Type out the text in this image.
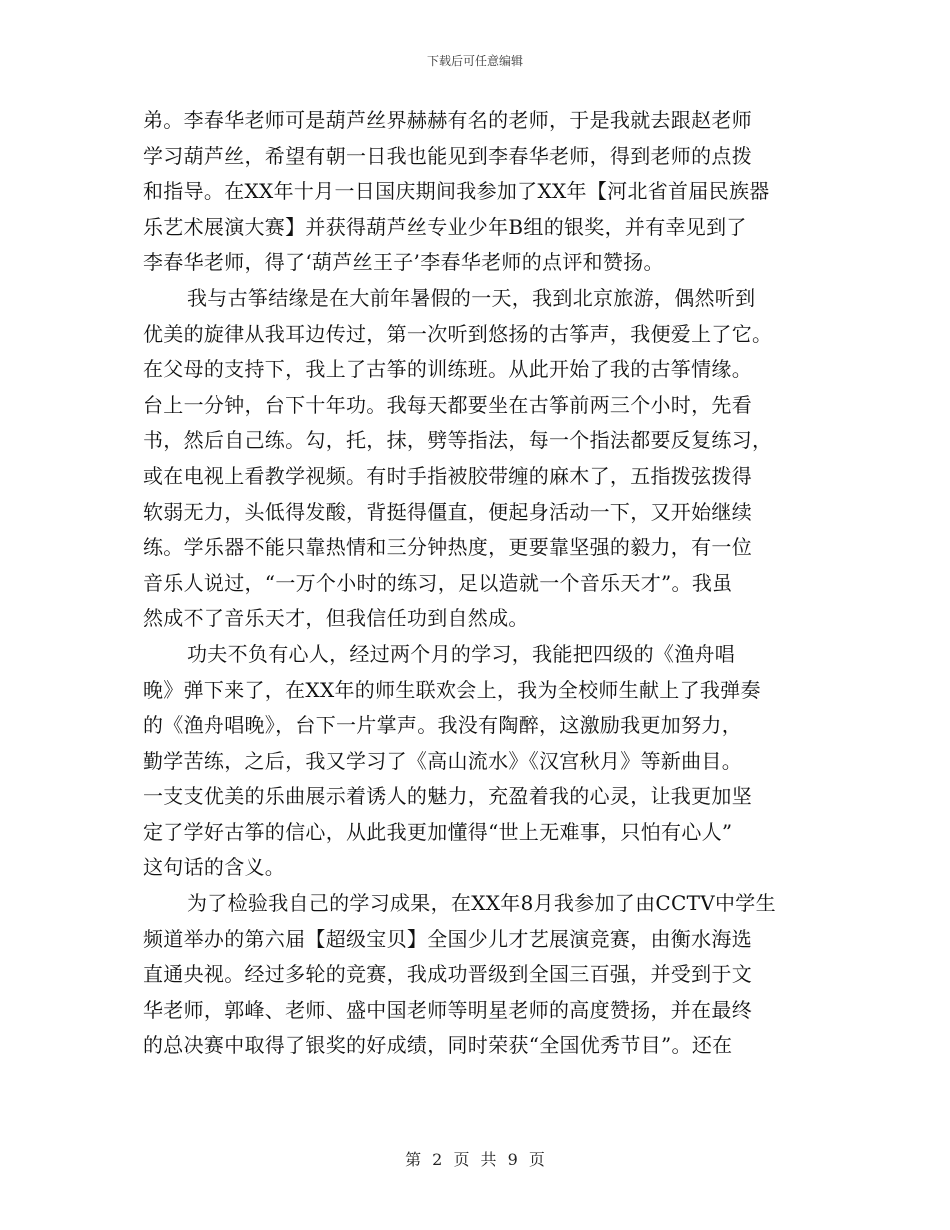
下载后可任意编辑
弟。李春华老师可是葫芦丝界赫赫有名的老师，于是我就去跟赵老师
学习葫芦丝，希望有朝一日我也能见到李春华老师，得到老师的点拨
和指导。在XX年十月一日国庆期间我参加了XX年【河北省首届民族器
乐艺术展演大赛】并获得葫芦丝专业少年B组的银奖，并有幸见到了
李春华老师，得了‘葫芦丝王子’李春华老师的点评和赞扬。
我与古筝结缘是在大前年暑假的一天，我到北京旅游，偶然听到
优美的旋律从我耳边传过，第一次听到悠扬的古筝声，我便爱上了它。
在父母的支持下，我上了古筝的训练班。从此开始了我的古筝情缘。
台上一分钟，台下十年功。我每天都要坐在古筝前两三个小时，先看
书，然后自己练。勾，托，抹，劈等指法，每一个指法都要反复练习，
或在电视上看教学视频。有时手指被胶带缠的麻木了，五指拨弦拨得
软弱无力，头低得发酸，背挺得僵直，便起身活动一下，又开始继续
练。学乐器不能只靠热情和三分钟热度，更要靠坚强的毅力，有一位
音乐人说过，“一万个小时的练习，足以造就一个音乐天才”。我虽
然成不了音乐天才，但我信任功到自然成。
功夫不负有心人，经过两个月的学习，我能把四级的《渔舟唱
晚》弹下来了，在XX年的师生联欢会上，我为全校师生献上了我弹奏
的《渔舟唱晚》，台下一片掌声。我没有陶醉，这激励我更加努力，
勤学苦练，之后，我又学习了《高山流水》《汉宫秋月》等新曲目。
一支支优美的乐曲展示着诱人的魅力，充盈着我的心灵，让我更加坚
定了学好古筝的信心，从此我更加懂得“世上无难事，只怕有心人”
这句话的含义。
为了检验我自己的学习成果，在XX年8月我参加了由CCTV中学生
频道举办的第六届【超级宝贝】全国少儿才艺展演竞赛，由衡水海选
直通央视。经过多轮的竞赛，我成功晋级到全国三百强，并受到于文
华老师，郭峰、老师、盛中国老师等明星老师的高度赞扬，并在最终
的总决赛中取得了银奖的好成绩，同时荣获“全国优秀节目”。还在
第 2 页 共 9 页
